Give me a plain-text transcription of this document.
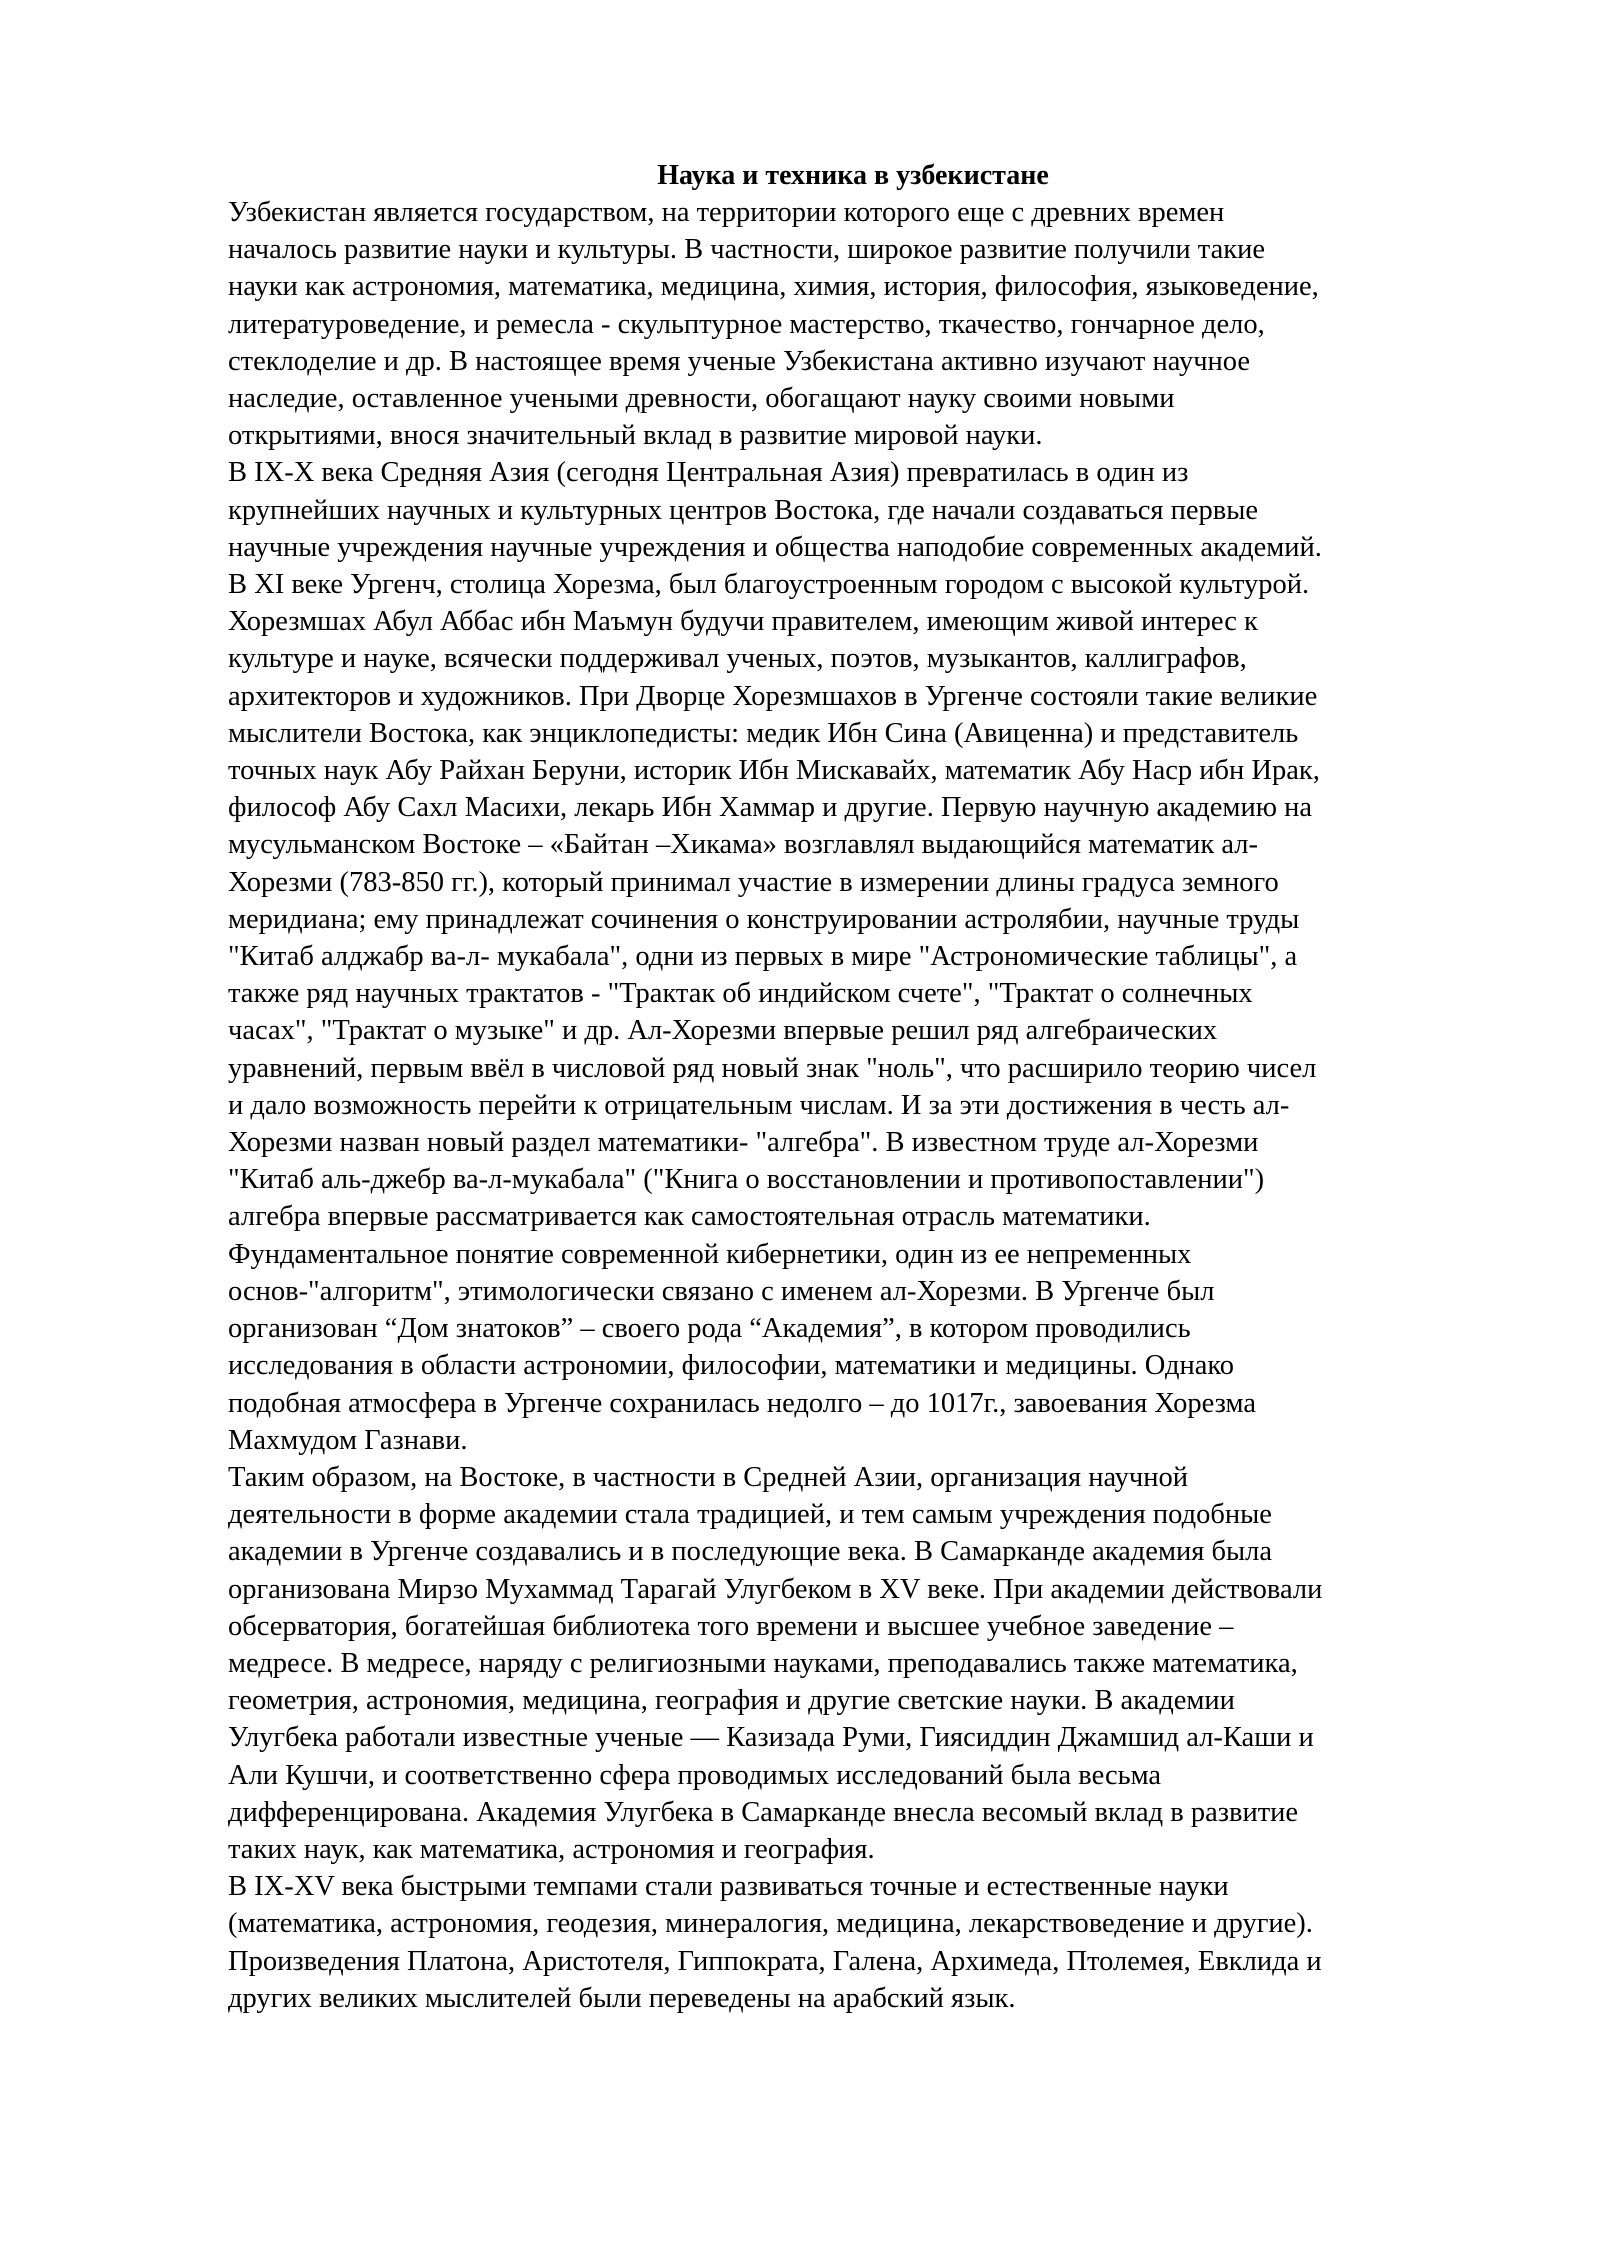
Наука и техника в узбекистане
Узбекистан является государством, на территории которого еще с древних времен
началось развитие науки и культуры. В частности, широкое развитие получили такие
науки как астрономия, математика, медицина, химия, история, философия, языковедение,
литературоведение, и ремесла - скульптурное мастерство, ткачество, гончарное дело,
стеклоделие и др. В настоящее время ученые Узбекистана активно изучают научное
наследие, оставленное учеными древности, обогащают науку своими новыми
открытиями, внося значительный вклад в развитие мировой науки.
В IX-X века Средняя Азия (сегодня Центральная Азия) превратилась в один из
крупнейших научных и культурных центров Востока, где начали создаваться первые
научные учреждения научные учреждения и общества наподобие современных академий.
В XI веке Ургенч, столица Хорезма, был благоустроенным городом с высокой культурой.
Хорезмшах Абул Аббас ибн Маъмун будучи правителем, имеющим живой интерес к
культуре и науке, всячески поддерживал ученых, поэтов, музыкантов, каллиграфов,
архитекторов и художников. При Дворце Хорезмшахов в Ургенче состояли такие великие
мыслители Востока, как энциклопедисты: медик Ибн Сина (Авиценна) и представитель
точных наук Абу Райхан Беруни, историк Ибн Мискавайх, математик Абу Наср ибн Ирак,
философ Абу Сахл Масихи, лекарь Ибн Хаммар и другие. Первую научную академию на
мусульманском Востоке – «Байтан –Хикама» возглавлял выдающийся математик ал-
Хорезми (783-850 гг.), который принимал участие в измерении длины градуса земного
меридиана; ему принадлежат сочинения о конструировании астролябии, научные труды
"Китаб алджабр ва-л- мукабала", одни из первых в мире "Астрономические таблицы", а
также ряд научных трактатов - "Трактак об индийском счете", "Трактат о солнечных
часах", "Трактат о музыке" и др. Ал-Хорезми впервые решил ряд алгебраических
уравнений, первым ввёл в числовой ряд новый знак "ноль", что расширило теорию чисел
и дало возможность перейти к отрицательным числам. И за эти достижения в честь ал-
Хорезми назван новый раздел математики- "алгебра". В известном труде ал-Хорезми
"Китаб аль-джебр ва-л-мукабала" ("Книга о восстановлении и противопоставлении")
алгебра впервые рассматривается как самостоятельная отрасль математики.
Фундаментальное понятие современной кибернетики, один из ее непременных
основ-"алгоритм", этимологически связано с именем ал-Хорезми. В Ургенче был
организован “Дом знатоков” – своего рода “Академия”, в котором проводились
исследования в области астрономии, философии, математики и медицины. Однако
подобная атмосфера в Ургенче сохранилась недолго – до 1017г., завоевания Хорезма
Махмудом Газнави.
Таким образом, на Востоке, в частности в Средней Азии, организация научной
деятельности в форме академии стала традицией, и тем самым учреждения подобные
академии в Ургенче создавались и в последующие века. В Самарканде академия была
организована Мирзо Мухаммад Тарагай Улугбеком в XV веке. При академии действовали
обсерватория, богатейшая библиотека того времени и высшее учебное заведение –
медресе. В медресе, наряду с религиозными науками, преподавались также математика,
геометрия, астрономия, медицина, география и другие светские науки. В академии
Улугбека работали известные ученые — Казизада Руми, Гиясиддин Джамшид ал-Каши и
Али Кушчи, и соответственно сфера проводимых исследований была весьма
дифференцирована. Академия Улугбека в Самарканде внесла весомый вклад в развитие
таких наук, как математика, астрономия и география.
В IX-XV века быстрыми темпами стали развиваться точные и естественные науки
(математика, астрономия, геодезия, минералогия, медицина, лекарствоведение и другие).
Произведения Платона, Аристотеля, Гиппократа, Галена, Архимеда, Птолемея, Евклида и
других великих мыслителей были переведены на арабский язык.
